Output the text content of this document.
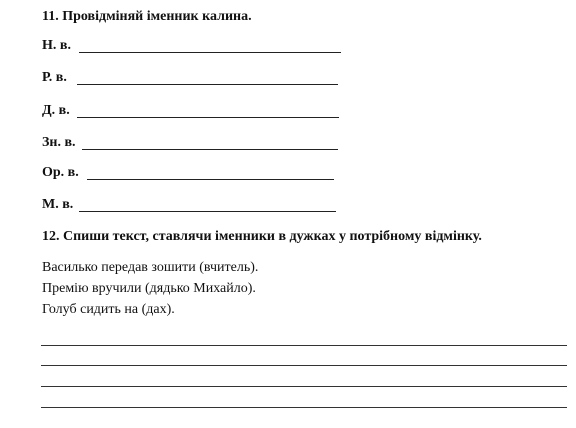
11. Провідміняй іменник калина.
Н. в.
Р. в.
Д. в.
Зн. в.
Ор. в.
М. в.
12. Спиши текст, ставлячи іменники в дужках у потрібному відмінку.
Василько передав зошити (вчитель).
Премію вручили (дядько Михайло).
Голуб сидить на (дах).
